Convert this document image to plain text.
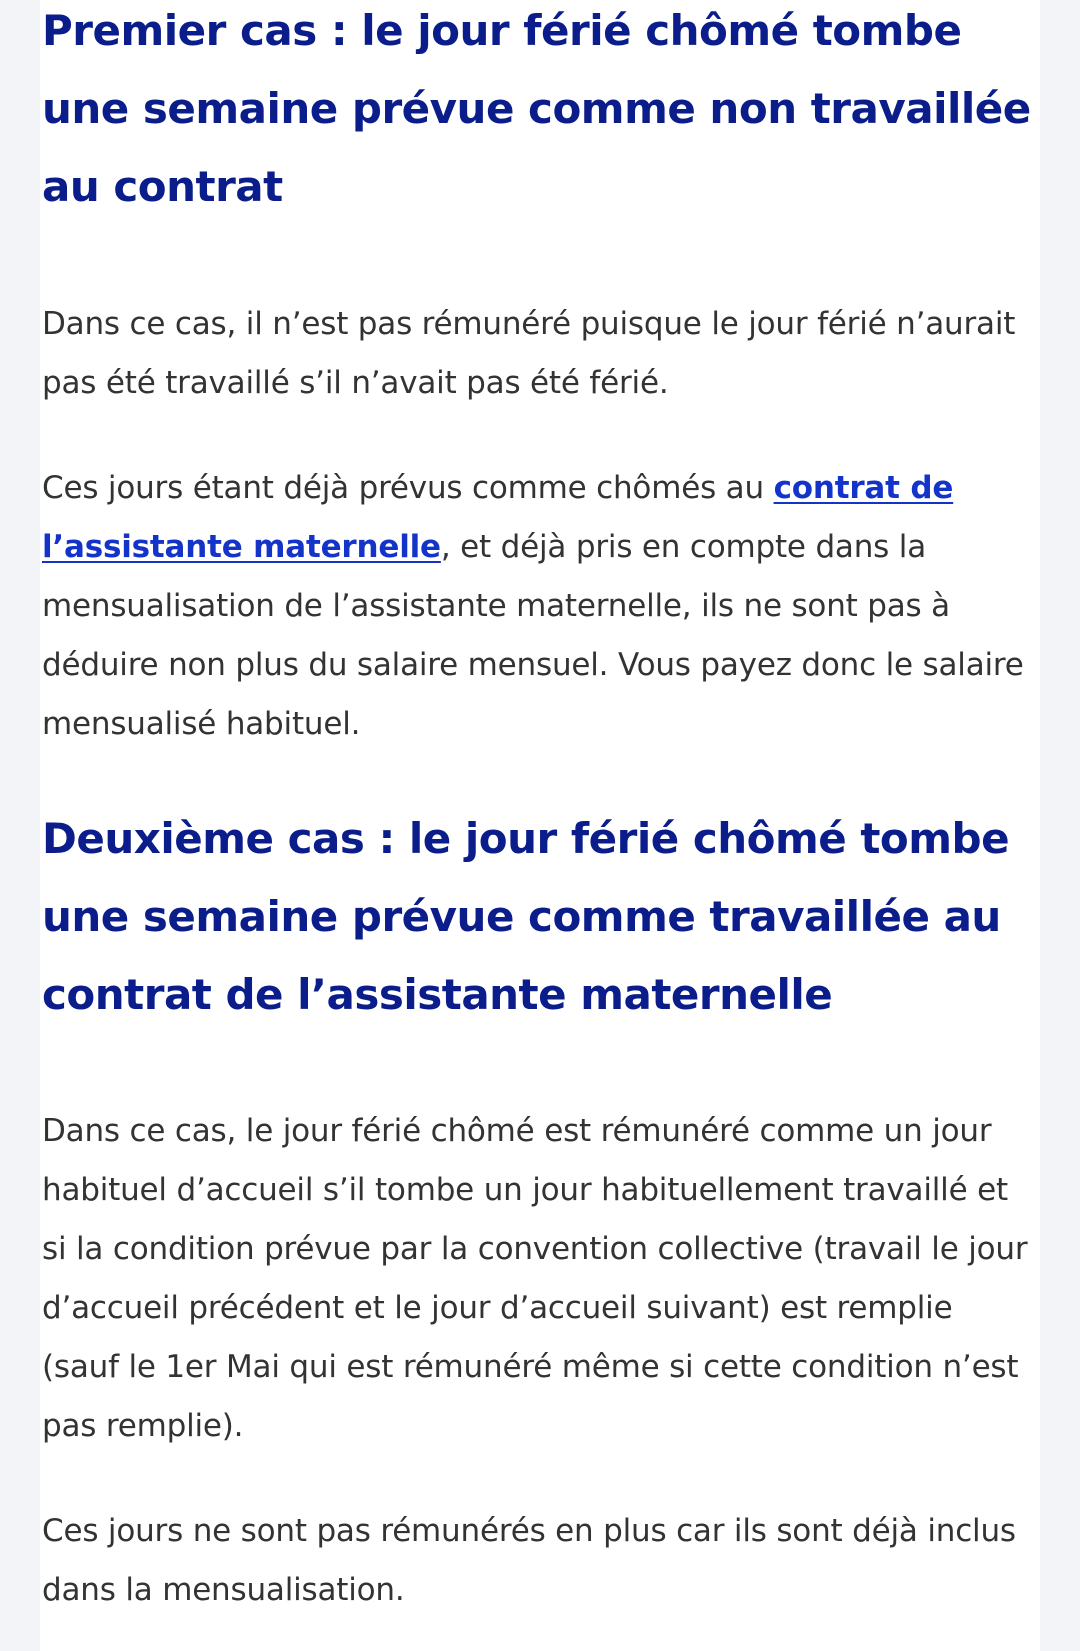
Premier cas : le jour férié chômé tombe une semaine prévue comme non travaillée au contrat

Dans ce cas, il n’est pas rémunéré puisque le jour férié n’aurait pas été travaillé s’il n’avait pas été férié.

Ces jours étant déjà prévus comme chômés au contrat de l’assistante maternelle, et déjà pris en compte dans la mensualisation de l’assistante maternelle, ils ne sont pas à déduire non plus du salaire mensuel. Vous payez donc le salaire mensualisé habituel.

Deuxième cas : le jour férié chômé tombe une semaine prévue comme travaillée au contrat de l’assistante maternelle

Dans ce cas, le jour férié chômé est rémunéré comme un jour habituel d’accueil s’il tombe un jour habituellement travaillé et si la condition prévue par la convention collective (travail le jour d’accueil précédent et le jour d’accueil suivant) est remplie (sauf le 1er Mai qui est rémunéré même si cette condition n’est pas remplie).

Ces jours ne sont pas rémunérés en plus car ils sont déjà inclus dans la mensualisation.
